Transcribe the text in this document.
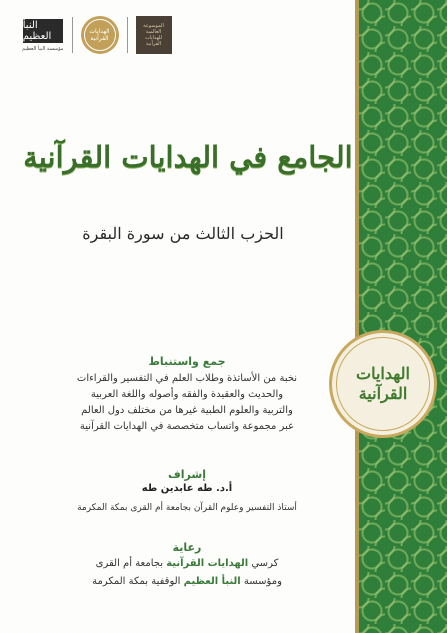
النبأ العظيم
مؤسسة النبأ العظيم
الهدايات القرآنية
الموسوعة العالمية للهدايات القرآنية
الجامع في الهدايات القرآنية
الحزب الثالث من سورة البقرة
الهدايات القرآنية
جمع واستنباط
نخبة من الأساتذة وطلاب العلم في التفسير والقراءات
والحديث والعقيدة والفقه وأصوله واللغة العربية
والتربية والعلوم الطبية غيرها من مختلف دول العالم
عبر مجموعة واتساب متخصصة في الهدايات القرآنية
إشراف
أ.د. طه عابدين طه
أستاذ التفسير وعلوم القرآن بجامعة أم القرى بمكة المكرمة
رعاية
كرسي الهدايات القرآنية بجامعة أم القرى
ومؤسسة النبأ العظيم الوقفية بمكة المكرمة
